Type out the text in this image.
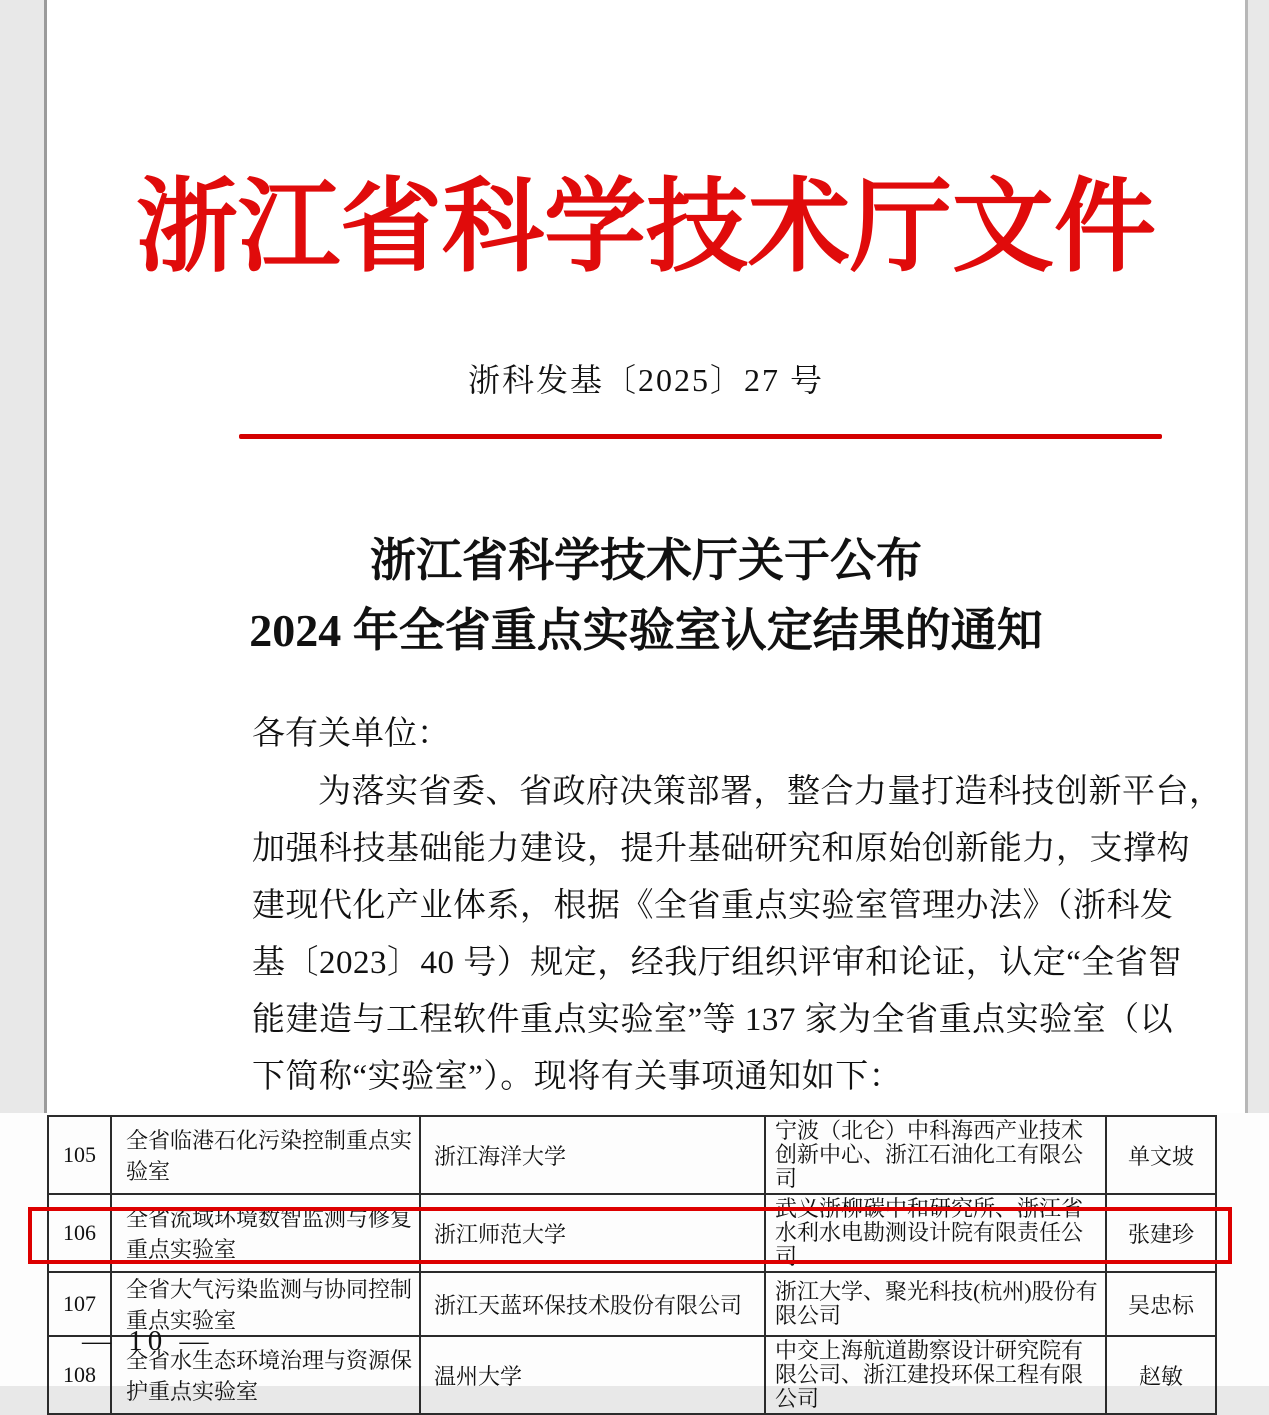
浙江省科学技术厅文件
浙科发基〔2025〕27 号
浙江省科学技术厅关于公布
2024 年全省重点实验室认定结果的通知
各有关单位：
为落实省委、省政府决策部署，整合力量打造科技创新平台，
加强科技基础能力建设，提升基础研究和原始创新能力，支撑构
建现代化产业体系，根据《全省重点实验室管理办法》（浙科发
基〔2023〕40 号）规定，经我厅组织评审和论证，认定“全省智
能建造与工程软件重点实验室”等 137 家为全省重点实验室（以
下简称“实验室”）。现将有关事项通知如下：
105	全省临港石化污染控制重点实验室	浙江海洋大学	宁波（北仑）中科海西产业技术创新中心、浙江石油化工有限公司	单文坡
106	全省流域环境数智监测与修复重点实验室	浙江师范大学	武义浙柳碳中和研究所、浙江省水利水电勘测设计院有限责任公司	张建珍
107	全省大气污染监测与协同控制重点实验室	浙江天蓝环保技术股份有限公司	浙江大学、聚光科技(杭州)股份有限公司	吴忠标
108	全省水生态环境治理与资源保护重点实验室	温州大学	中交上海航道勘察设计研究院有限公司、浙江建投环保工程有限公司	赵敏
— 10 —
